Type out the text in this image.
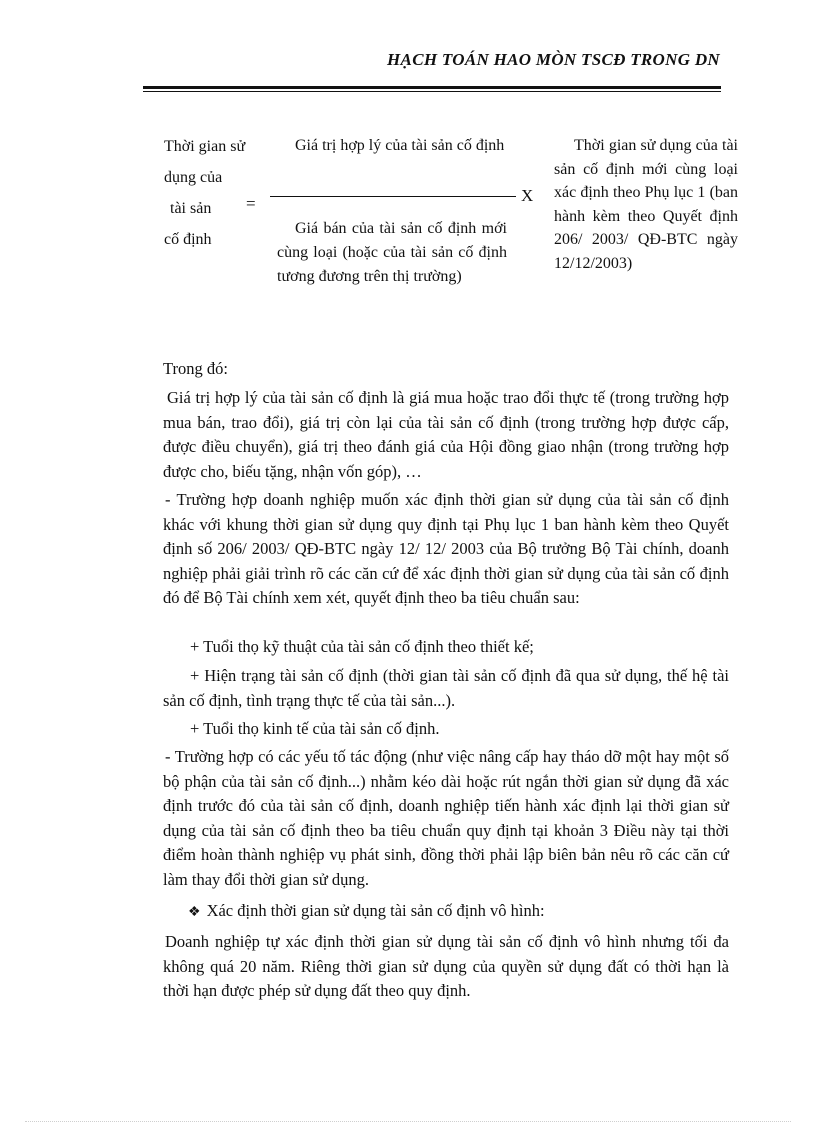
HẠCH TOÁN HAO MÒN TSCĐ TRONG DN
Thời gian sử
dụng của
tài sản
cố định
=
Giá trị hợp lý của tài sản cố định
Giá bán của tài sản cố định mới cùng loại (hoặc của tài sản cố định tương đương trên thị trường)
X
Thời gian sử dụng của tài sản cố định mới cùng loại xác định theo Phụ lục 1 (ban hành kèm theo Quyết định 206/ 2003/ QĐ-BTC ngày 12/12/2003)

Trong đó:

Giá trị hợp lý của tài sản cố định là giá mua hoặc trao đổi thực tế (trong trường hợp mua bán, trao đổi), giá trị còn lại của tài sản cố định (trong trường hợp được cấp, được điều chuyển), giá trị theo đánh giá của Hội đồng giao nhận (trong trường hợp được cho, biếu tặng, nhận vốn góp), …

- Trường hợp doanh nghiệp muốn xác định thời gian sử dụng của tài sản cố định khác với khung thời gian sử dụng quy định tại Phụ lục 1 ban hành kèm theo Quyết định số 206/ 2003/ QĐ-BTC ngày 12/ 12/ 2003 của Bộ trưởng Bộ Tài chính, doanh nghiệp phải giải trình rõ các căn cứ để xác định thời gian sử dụng của tài sản cố định đó để Bộ Tài chính xem xét, quyết định theo ba tiêu chuẩn sau:

+ Tuổi thọ kỹ thuật của tài sản cố định theo thiết kế;

+ Hiện trạng tài sản cố định (thời gian tài sản cố định đã qua sử dụng, thế hệ tài sản cố định, tình trạng thực tế của tài sản...).

+ Tuổi thọ kinh tế của tài sản cố định.

- Trường hợp có các yếu tố tác động (như việc nâng cấp hay tháo dỡ một hay một số bộ phận của tài sản cố định...) nhằm kéo dài hoặc rút ngắn thời gian sử dụng đã xác định trước đó của tài sản cố định, doanh nghiệp tiến hành xác định lại thời gian sử dụng của tài sản cố định theo ba tiêu chuẩn quy định tại khoản 3 Điều này tại thời điểm hoàn thành nghiệp vụ phát sinh, đồng thời phải lập biên bản nêu rõ các căn cứ làm thay đổi thời gian sử dụng.

❖ Xác định thời gian sử dụng tài sản cố định vô hình:

Doanh nghiệp tự xác định thời gian sử dụng tài sản cố định vô hình nhưng tối đa không quá 20 năm. Riêng thời gian sử dụng của quyền sử dụng đất có thời hạn là thời hạn được phép sử dụng đất theo quy định.
